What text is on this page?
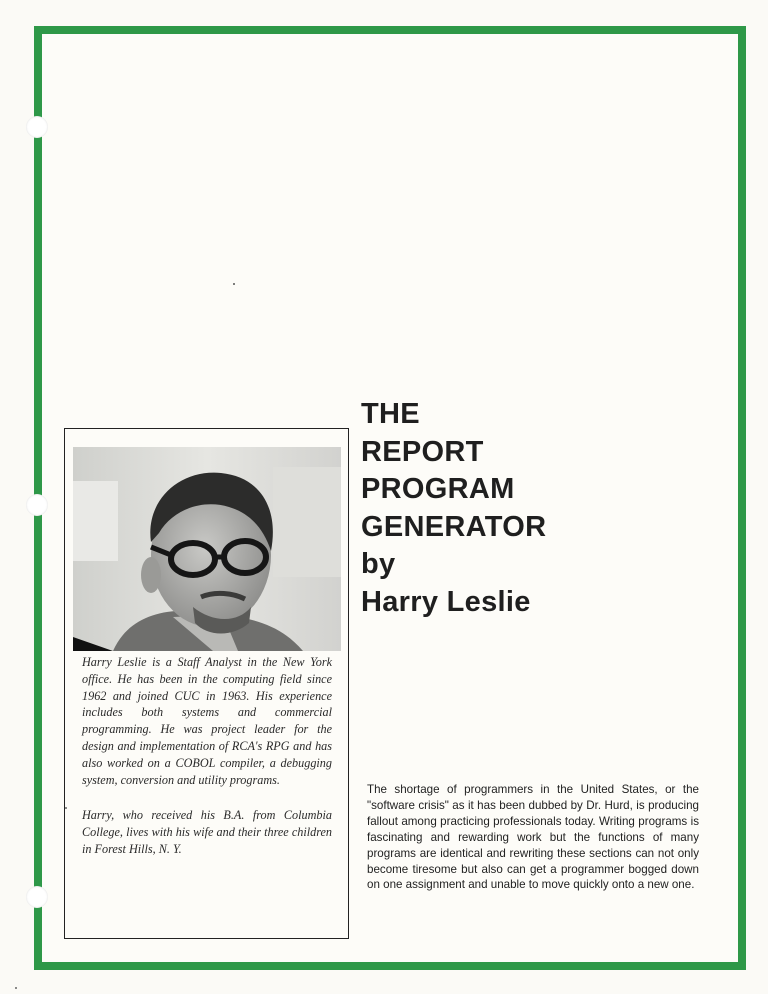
THE
REPORT
PROGRAM
GENERATOR
by
Harry Leslie

Harry Leslie is a Staff Analyst in the New York office. He has been in the computing field since 1962 and joined CUC in 1963. His experience includes both systems and commercial programming. He was project leader for the design and implementation of RCA's RPG and has also worked on a COBOL compiler, a debugging system, conversion and utility programs.

Harry, who received his B.A. from Columbia College, lives with his wife and their three children in Forest Hills, N. Y.

The shortage of programmers in the United States, or the "software crisis" as it has been dubbed by Dr. Hurd, is producing fallout among practicing professionals today. Writing programs is fascinating and rewarding work but the functions of many programs are identical and rewriting these sections can not only become tiresome but also can get a programmer bogged down on one assignment and unable to move quickly onto a new one.
